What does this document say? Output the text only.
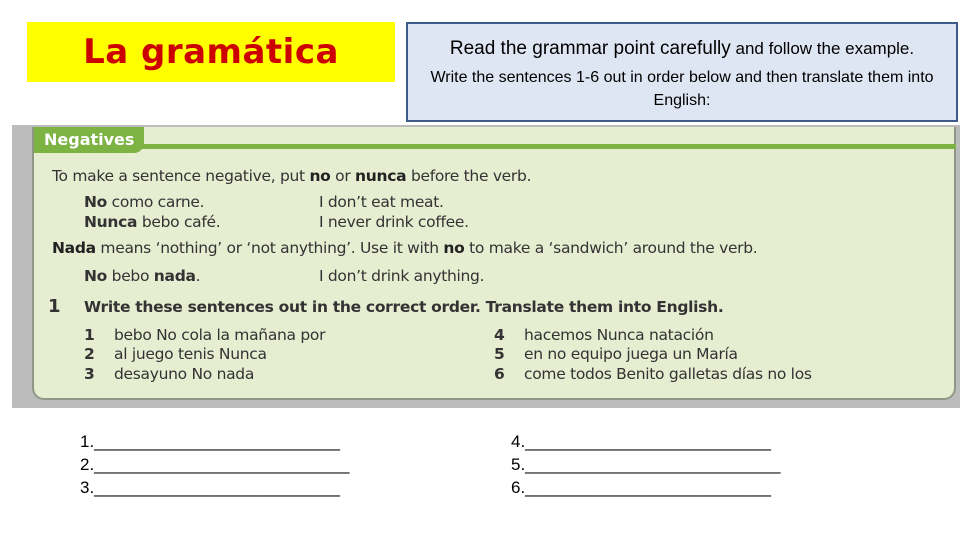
La gramática	Read the grammar point carefully and follow the example.
Write the sentences 1-6 out in order below and then translate them into English:
Negatives
To make a sentence negative, put no or nunca before the verb.
No como carne.	I don’t eat meat.
Nunca bebo café.	I never drink coffee.
Nada means ‘nothing’ or ‘not anything’. Use it with no to make a ‘sandwich’ around the verb.
No bebo nada.	I don’t drink anything.
1 Write these sentences out in the correct order. Translate them into English.
1 bebo No cola la mañana por
2 al juego tenis Nunca
3 desayuno No nada
4 hacemos Nunca natación
5 en no equipo juega un María
6 come todos Benito galletas días no los
1.__________________________
2.___________________________
3.__________________________
4.__________________________
5.___________________________
6.__________________________
